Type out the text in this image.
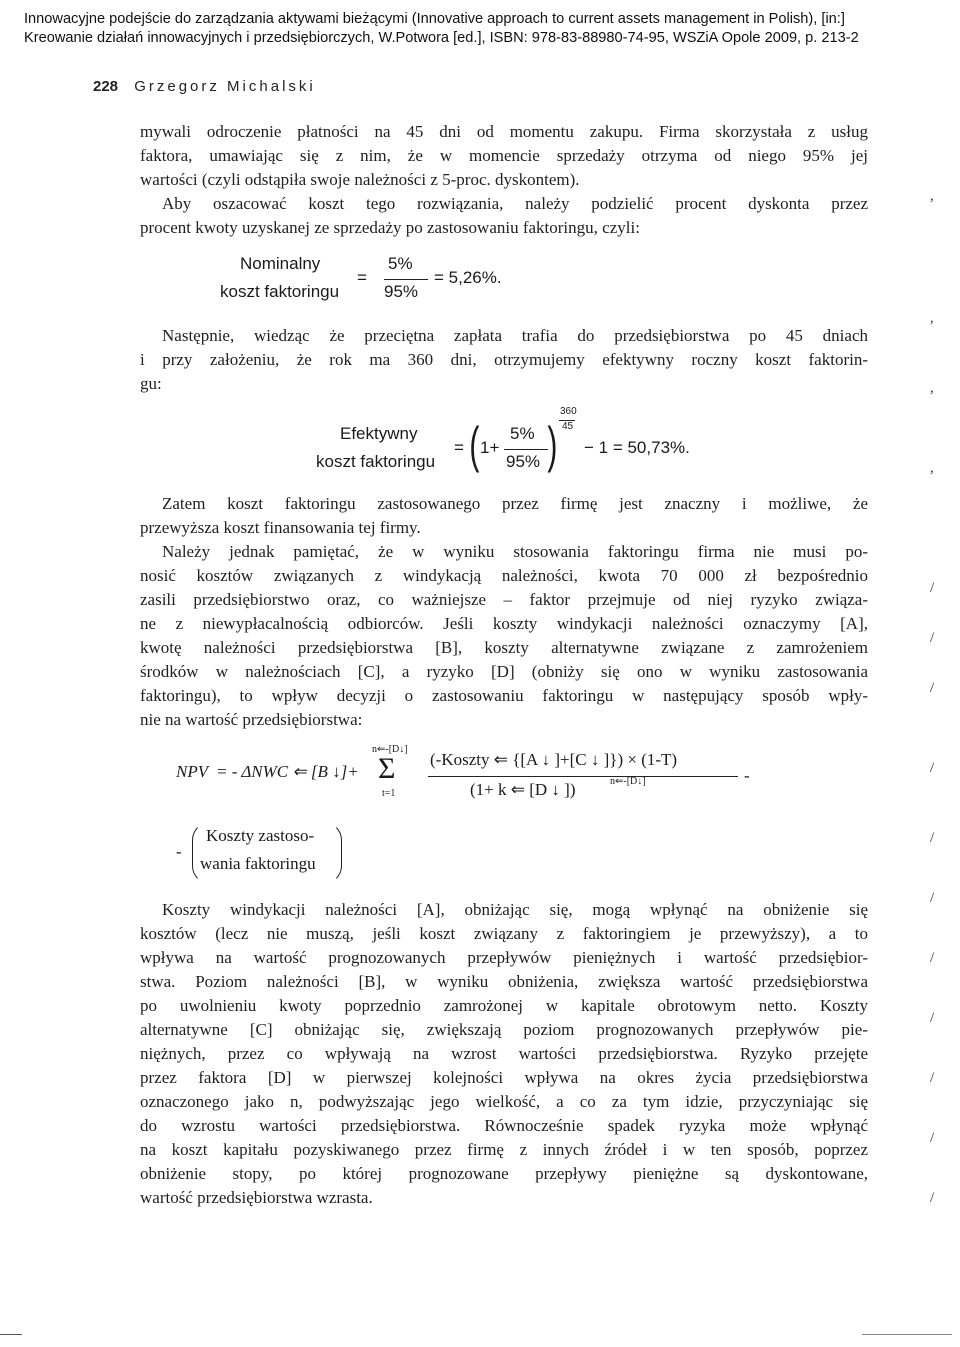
Innowacyjne podejście do zarządzania aktywami bieżącymi (Innovative approach to current assets management in Polish), [in:]
Kreowanie działań innowacyjnych i przedsiębiorczych, W.Potwora [ed.], ISBN: 978-83-88980-74-95, WSZiA Opole 2009, p. 213-2
228 Grzegorz Michalski
mywali odroczenie płatności na 45 dni od momentu zakupu. Firma skorzystała z usług
faktora, umawiając się z nim, że w momencie sprzedaży otrzyma od niego 95% jej
wartości (czyli odstąpiła swoje należności z 5-proc. dyskontem).
Aby oszacować koszt tego rozwiązania, należy podzielić procent dyskonta przez
procent kwoty uzyskanej ze sprzedaży po zastosowaniu faktoringu, czyli:
Nominalny
koszt faktoringu
=
5%
95%
= 5,26%.
Następnie, wiedząc że przeciętna zapłata trafia do przedsiębiorstwa po 45 dniach
i przy założeniu, że rok ma 360 dni, otrzymujemy efektywny roczny koszt faktorin-
gu:
Efektywny
koszt faktoringu
= ( 1+
5%
95% )
360
45
− 1 = 50,73%.
Zatem koszt faktoringu zastosowanego przez firmę jest znaczny i możliwe, że
przewyższa koszt finansowania tej firmy.
Należy jednak pamiętać, że w wyniku stosowania faktoringu firma nie musi po-
nosić kosztów związanych z windykacją należności, kwota 70 000 zł bezpośrednio
zasili przedsiębiorstwo oraz, co ważniejsze – faktor przejmuje od niej ryzyko związa-
ne z niewypłacalnością odbiorców. Jeśli koszty windykacji należności oznaczymy [A],
kwotę należności przedsiębiorstwa [B], koszty alternatywne związane z zamrożeniem
środków w należnościach [C], a ryzyko [D] (obniży się ono w wyniku zastosowania
faktoringu), to wpływ decyzji o zastosowaniu faktoringu w następujący sposób wpły-
nie na wartość przedsiębiorstwa:
NPV = - ΔNWC ⇐ [B ↓]+
n⇐-[D↓]
Σ
t=1
(-Koszty ⇐ {[A ↓ ]+[C ↓ ]}) × (1-T)
(1+ k ⇐ [D ↓ ])	n⇐-[D↓]	-
-
Koszty zastoso-
wania faktoringu
Koszty windykacji należności [A], obniżając się, mogą wpłynąć na obniżenie się
kosztów (lecz nie muszą, jeśli koszt związany z faktoringiem je przewyższy), a to
wpływa na wartość prognozowanych przepływów pieniężnych i wartość przedsiębior-
stwa. Poziom należności [B], w wyniku obniżenia, zwiększa wartość przedsiębiorstwa
po uwolnieniu kwoty poprzednio zamrożonej w kapitale obrotowym netto. Koszty
alternatywne [C] obniżając się, zwiększają poziom prognozowanych przepływów pie-
niężnych, przez co wpływają na wzrost wartości przedsiębiorstwa. Ryzyko przejęte
przez faktora [D] w pierwszej kolejności wpływa na okres życia przedsiębiorstwa
oznaczonego jako n, podwyższając jego wielkość, a co za tym idzie, przyczyniając się
do wzrostu wartości przedsiębiorstwa. Równocześnie spadek ryzyka może wpłynąć
na koszt kapitału pozyskiwanego przez firmę z innych źródeł i w ten sposób, poprzez
obniżenie stopy, po której prognozowane przepływy pieniężne są dyskontowane,
wartość przedsiębiorstwa wzrasta.
,
,
,
,
/
/
/
/
/
/
/
/
/
/
/
